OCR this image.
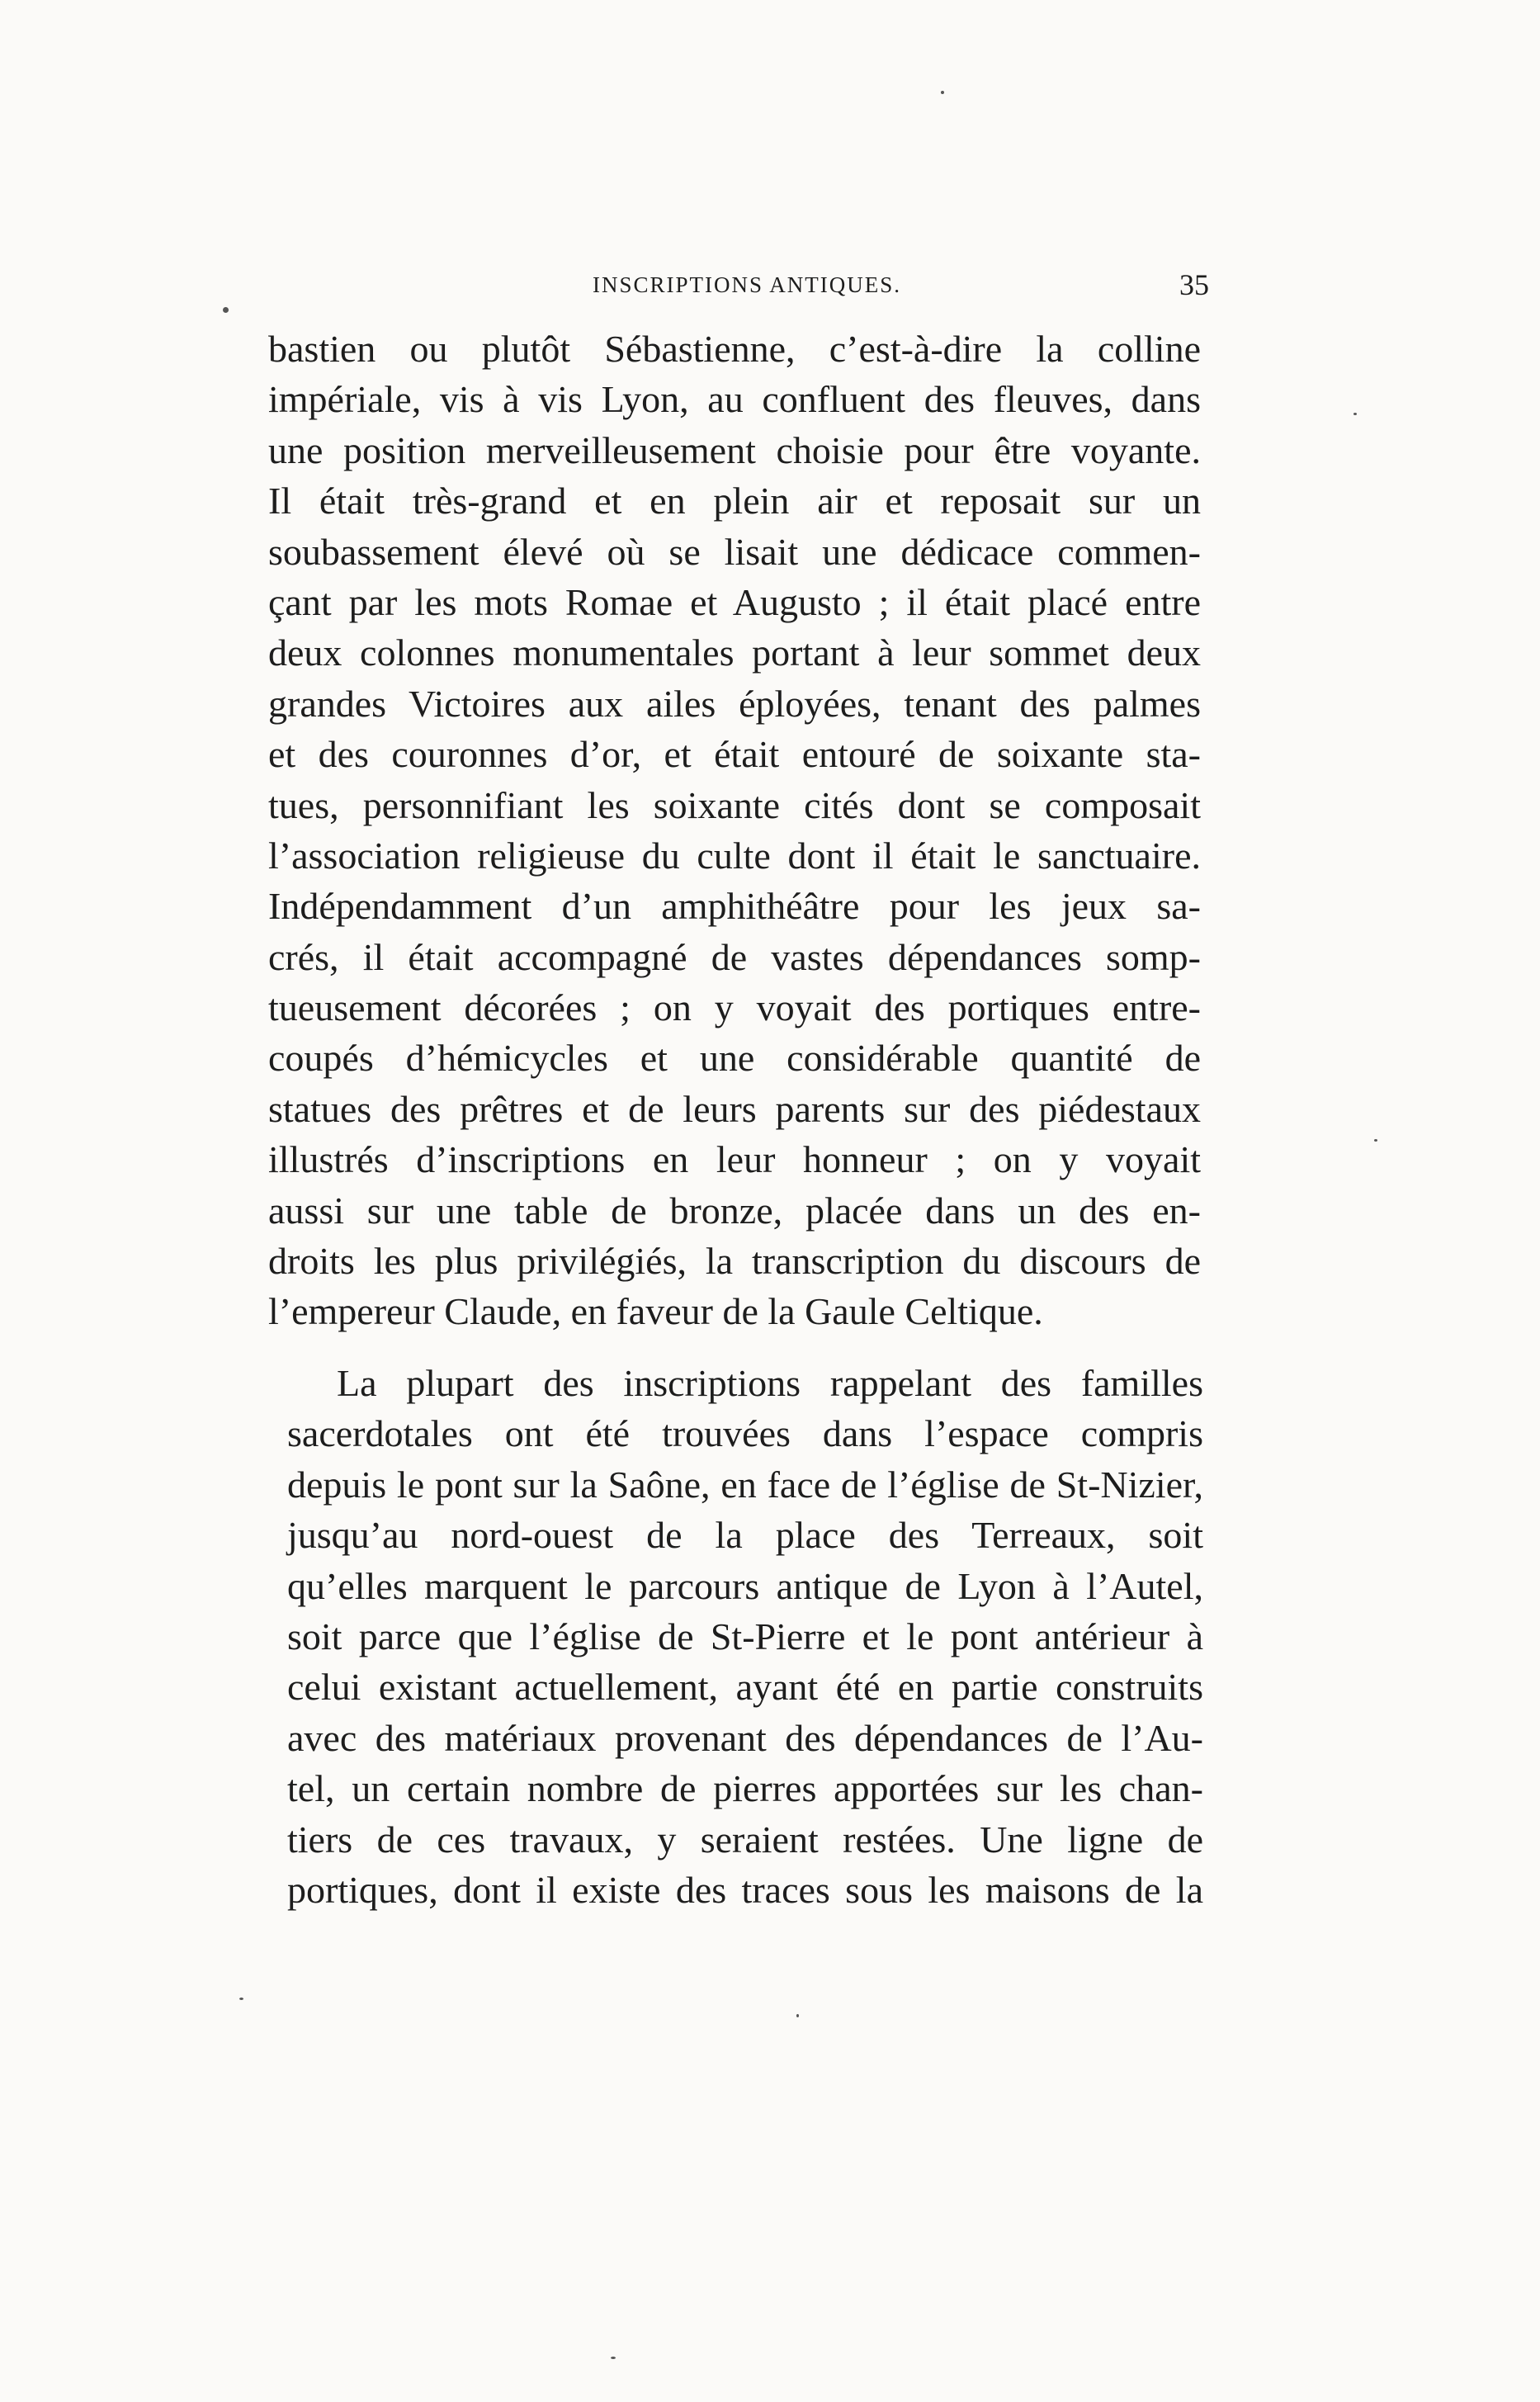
INSCRIPTIONS ANTIQUES.	35
bastien ou plutôt Sébastienne, c’est-à-dire la colline
impériale, vis à vis Lyon, au confluent des fleuves, dans
une position merveilleusement choisie pour être voyante.
Il était très-grand et en plein air et reposait sur un
soubassement élevé où se lisait une dédicace commen-
çant par les mots Romae et Augusto ; il était placé entre
deux colonnes monumentales portant à leur sommet deux
grandes Victoires aux ailes éployées, tenant des palmes
et des couronnes d’or, et était entouré de soixante sta-
tues, personnifiant les soixante cités dont se composait
l’association religieuse du culte dont il était le sanctuaire.
Indépendamment d’un amphithéâtre pour les jeux sa-
crés, il était accompagné de vastes dépendances somp-
tueusement décorées ; on y voyait des portiques entre-
coupés d’hémicycles et une considérable quantité de
statues des prêtres et de leurs parents sur des piédestaux
illustrés d’inscriptions en leur honneur ; on y voyait
aussi sur une table de bronze, placée dans un des en-
droits les plus privilégiés, la transcription du discours de
l’empereur Claude, en faveur de la Gaule Celtique.
La plupart des inscriptions rappelant des familles
sacerdotales ont été trouvées dans l’espace compris
depuis le pont sur la Saône, en face de l’église de St-Nizier,
jusqu’au nord-ouest de la place des Terreaux, soit
qu’elles marquent le parcours antique de Lyon à l’Autel,
soit parce que l’église de St-Pierre et le pont antérieur à
celui existant actuellement, ayant été en partie construits
avec des matériaux provenant des dépendances de l’Au-
tel, un certain nombre de pierres apportées sur les chan-
tiers de ces travaux, y seraient restées. Une ligne de
portiques, dont il existe des traces sous les maisons de la
